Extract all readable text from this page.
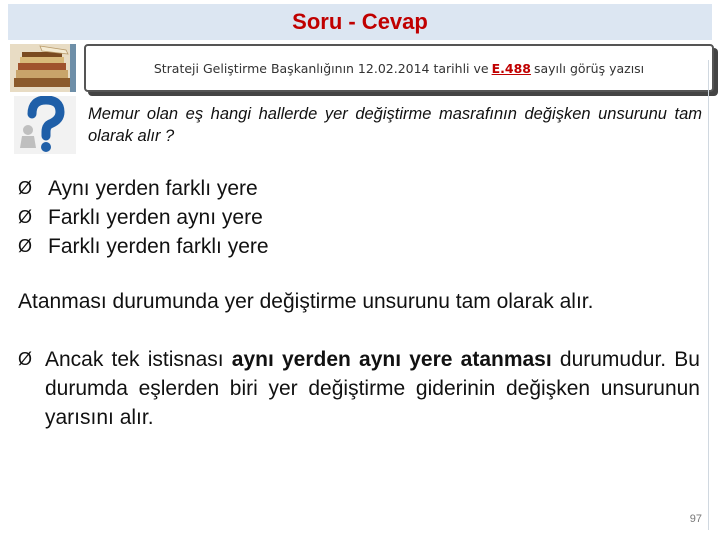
Soru - Cevap
Strateji Geliştirme Başkanlığının 12.02.2014 tarihli ve E.488 sayılı görüş yazısı
Memur olan eş hangi hallerde yer değiştirme masrafının değişken unsurunu tam olarak alır ?
Ø Aynı yerden farklı yere
Ø Farklı yerden aynı yere
Ø Farklı yerden farklı yere
Atanması durumunda yer değiştirme unsurunu tam olarak alır.
Ø Ancak tek istisnası aynı yerden aynı yere atanması durumudur. Bu durumda eşlerden biri yer değiştirme giderinin değişken unsurunun yarısını alır.
97
